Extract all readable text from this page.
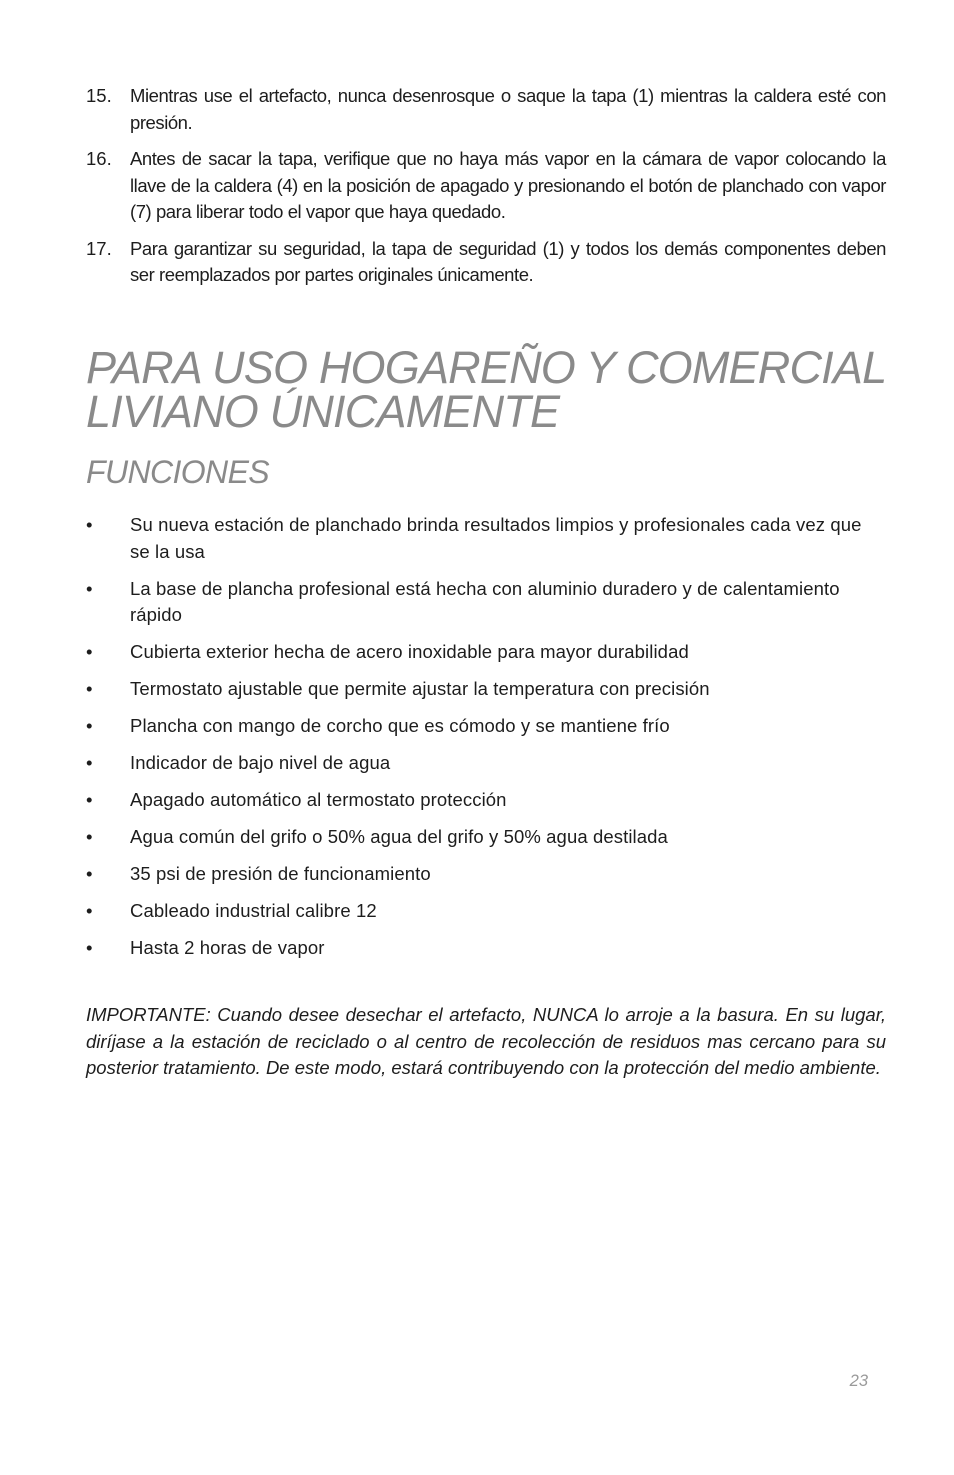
15. Mientras use el artefacto, nunca desenrosque o saque la tapa (1) mientras la caldera esté con presión.
16. Antes de sacar la tapa, verifique que no haya más vapor en la cámara de vapor colocando la llave de la caldera (4) en la posición de apagado y presionando el botón de planchado con vapor (7) para liberar todo el vapor que haya quedado.
17. Para garantizar su seguridad, la tapa de seguridad (1) y todos los demás componentes deben ser reemplazados por partes originales únicamente.
PARA USO HOGAREÑO Y COMERCIAL LIVIANO ÚNICAMENTE
FUNCIONES
•	Su nueva estación de planchado brinda resultados limpios y profesionales cada vez que se la usa
•	La base de plancha profesional está hecha con aluminio duradero y de calentamiento rápido
•	Cubierta exterior hecha de acero inoxidable para mayor durabilidad
•	Termostato ajustable que permite ajustar la temperatura con precisión
•	Plancha con mango de corcho que es cómodo y se mantiene frío
•	Indicador de bajo nivel de agua
•	Apagado automático al termostato protección
•	Agua común del grifo o 50% agua del grifo y 50% agua destilada
•	35 psi de presión de funcionamiento
•	Cableado industrial calibre 12
•	Hasta 2 horas de vapor

IMPORTANTE: Cuando desee desechar el artefacto, NUNCA lo arroje a la basura. En su lugar, diríjase a la estación de reciclado o al centro de recolección de residuos mas cercano para su posterior tratamiento. De este modo, estará contribuyendo con la protección del medio ambiente.

23
